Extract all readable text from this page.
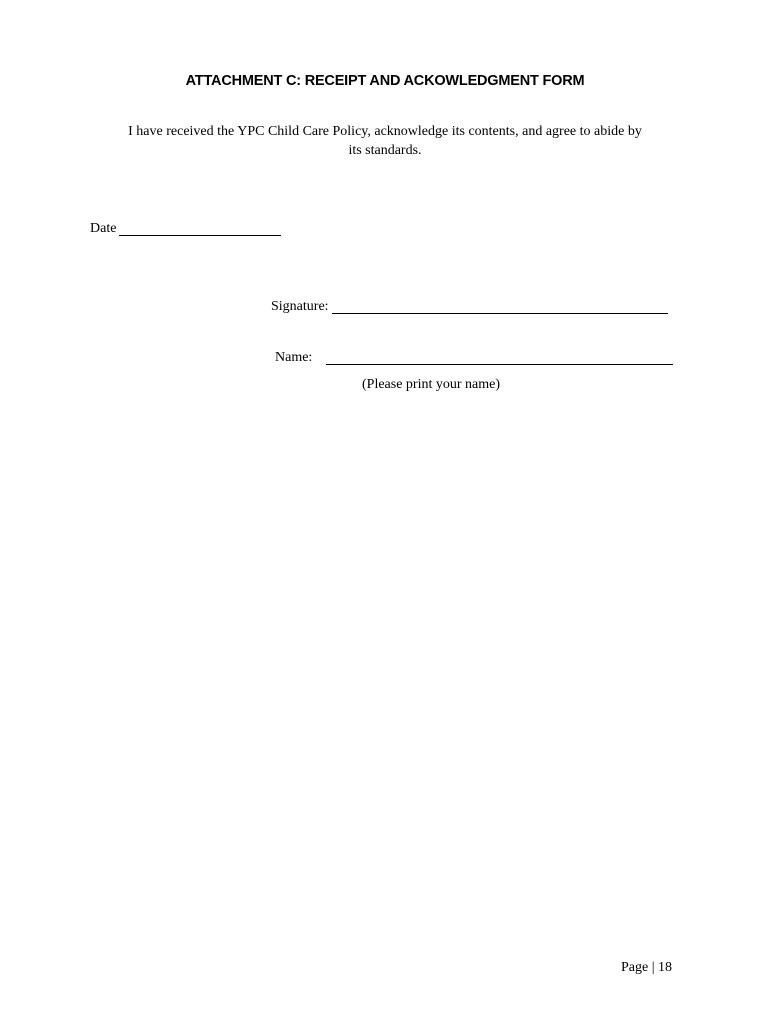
ATTACHMENT C: RECEIPT AND ACKOWLEDGMENT FORM
I have received the YPC Child Care Policy, acknowledge its contents, and agree to abide by
its standards.
Date
Signature:
Name:
(Please print your name)
Page | 18
